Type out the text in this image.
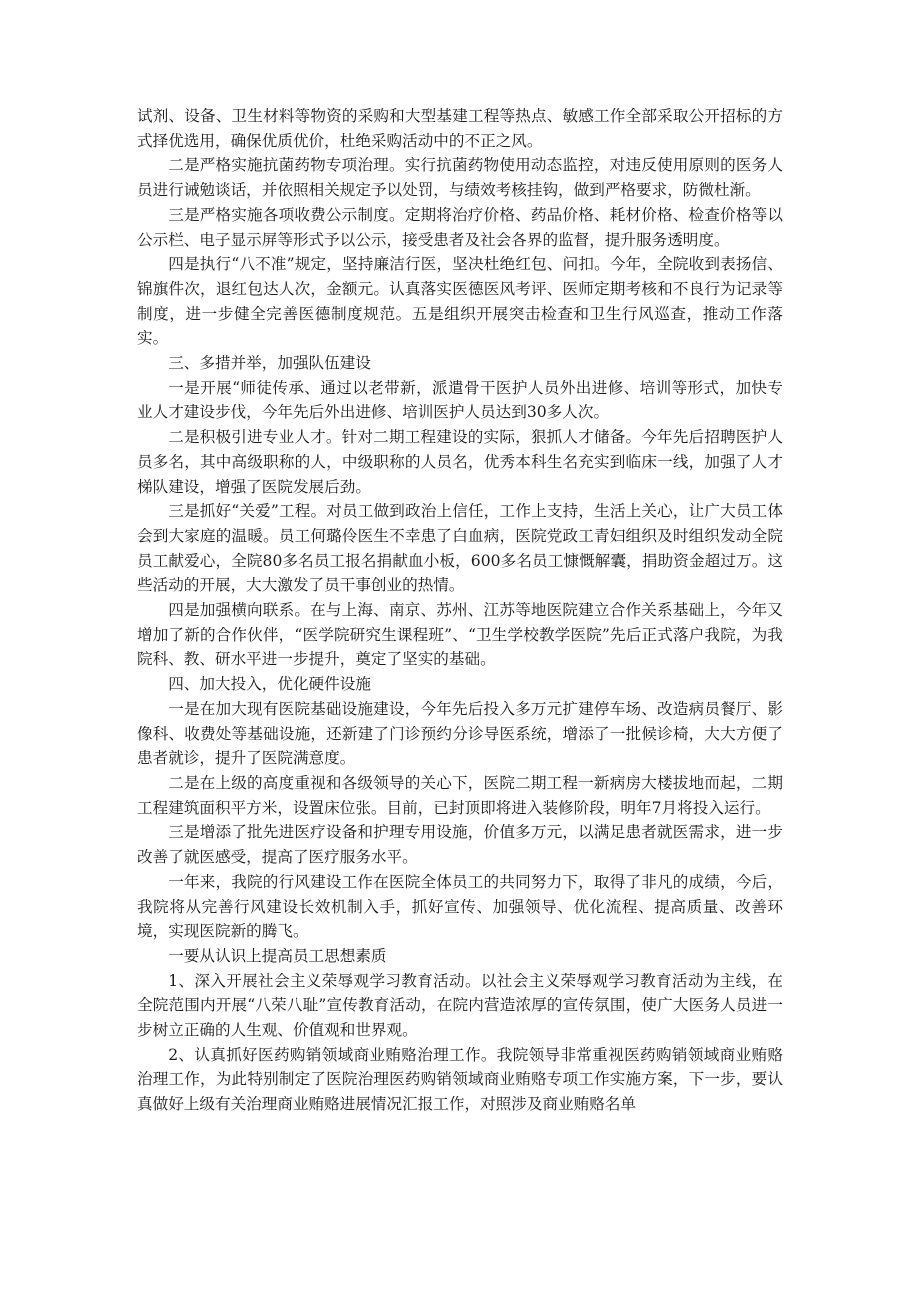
试剂、设备、卫生材料等物资的采购和大型基建工程等热点、敏感工作全部采取公开招标的方式择优选用，确保优质优价，杜绝采购活动中的不正之风。

二是严格实施抗菌药物专项治理。实行抗菌药物使用动态监控，对违反使用原则的医务人员进行诫勉谈话，并依照相关规定予以处罚，与绩效考核挂钩，做到严格要求，防微杜渐。

三是严格实施各项收费公示制度。定期将治疗价格、药品价格、耗材价格、检查价格等以公示栏、电子显示屏等形式予以公示，接受患者及社会各界的监督，提升服务透明度。

四是执行“八不准”规定，坚持廉洁行医，坚决杜绝红包、问扣。今年，全院收到表扬信、锦旗件次，退红包达人次，金额元。认真落实医德医风考评、医师定期考核和不良行为记录等制度，进一步健全完善医德制度规范。五是组织开展突击检查和卫生行风巡查，推动工作落实。

三、多措并举，加强队伍建设

一是开展“师徒传承、通过以老带新，派遣骨干医护人员外出进修、培训等形式，加快专业人才建设步伐，今年先后外出进修、培训医护人员达到30多人次。

二是积极引进专业人才。针对二期工程建设的实际，狠抓人才储备。今年先后招聘医护人员多名，其中高级职称的人，中级职称的人员名，优秀本科生名充实到临床一线，加强了人才梯队建设，增强了医院发展后劲。

三是抓好“关爱”工程。对员工做到政治上信任，工作上支持，生活上关心，让广大员工体会到大家庭的温暖。员工何璐伶医生不幸患了白血病，医院党政工青妇组织及时组织发动全院员工献爱心，全院80多名员工报名捐献血小板，600多名员工慷慨解囊，捐助资金超过万。这些活动的开展，大大激发了员干事创业的热情。

四是加强横向联系。在与上海、南京、苏州、江苏等地医院建立合作关系基础上，今年又增加了新的合作伙伴，“医学院研究生课程班”、“卫生学校教学医院”先后正式落户我院，为我院科、教、研水平进一步提升，奠定了坚实的基础。

四、加大投入，优化硬件设施

一是在加大现有医院基础设施建设，今年先后投入多万元扩建停车场、改造病员餐厅、影像科、收费处等基础设施，还新建了门诊预约分诊导医系统，增添了一批候诊椅，大大方便了患者就诊，提升了医院满意度。

二是在上级的高度重视和各级领导的关心下，医院二期工程一新病房大楼拔地而起，二期工程建筑面积平方米，设置床位张。目前，已封顶即将进入装修阶段，明年7月将投入运行。

三是增添了批先进医疗设备和护理专用设施，价值多万元，以满足患者就医需求，进一步改善了就医感受，提高了医疗服务水平。

一年来，我院的行风建设工作在医院全体员工的共同努力下，取得了非凡的成绩，今后，我院将从完善行风建设长效机制入手，抓好宣传、加强领导、优化流程、提高质量、改善环境，实现医院新的腾飞。

一要从认识上提高员工思想素质

1、深入开展社会主义荣辱观学习教育活动。以社会主义荣辱观学习教育活动为主线，在全院范围内开展“八荣八耻”宣传教育活动，在院内营造浓厚的宣传氛围，使广大医务人员进一步树立正确的人生观、价值观和世界观。

2、认真抓好医药购销领域商业贿赂治理工作。我院领导非常重视医药购销领域商业贿赂治理工作，为此特别制定了医院治理医药购销领域商业贿赂专项工作实施方案，下一步，要认真做好上级有关治理商业贿赂进展情况汇报工作，对照涉及商业贿赂名单
